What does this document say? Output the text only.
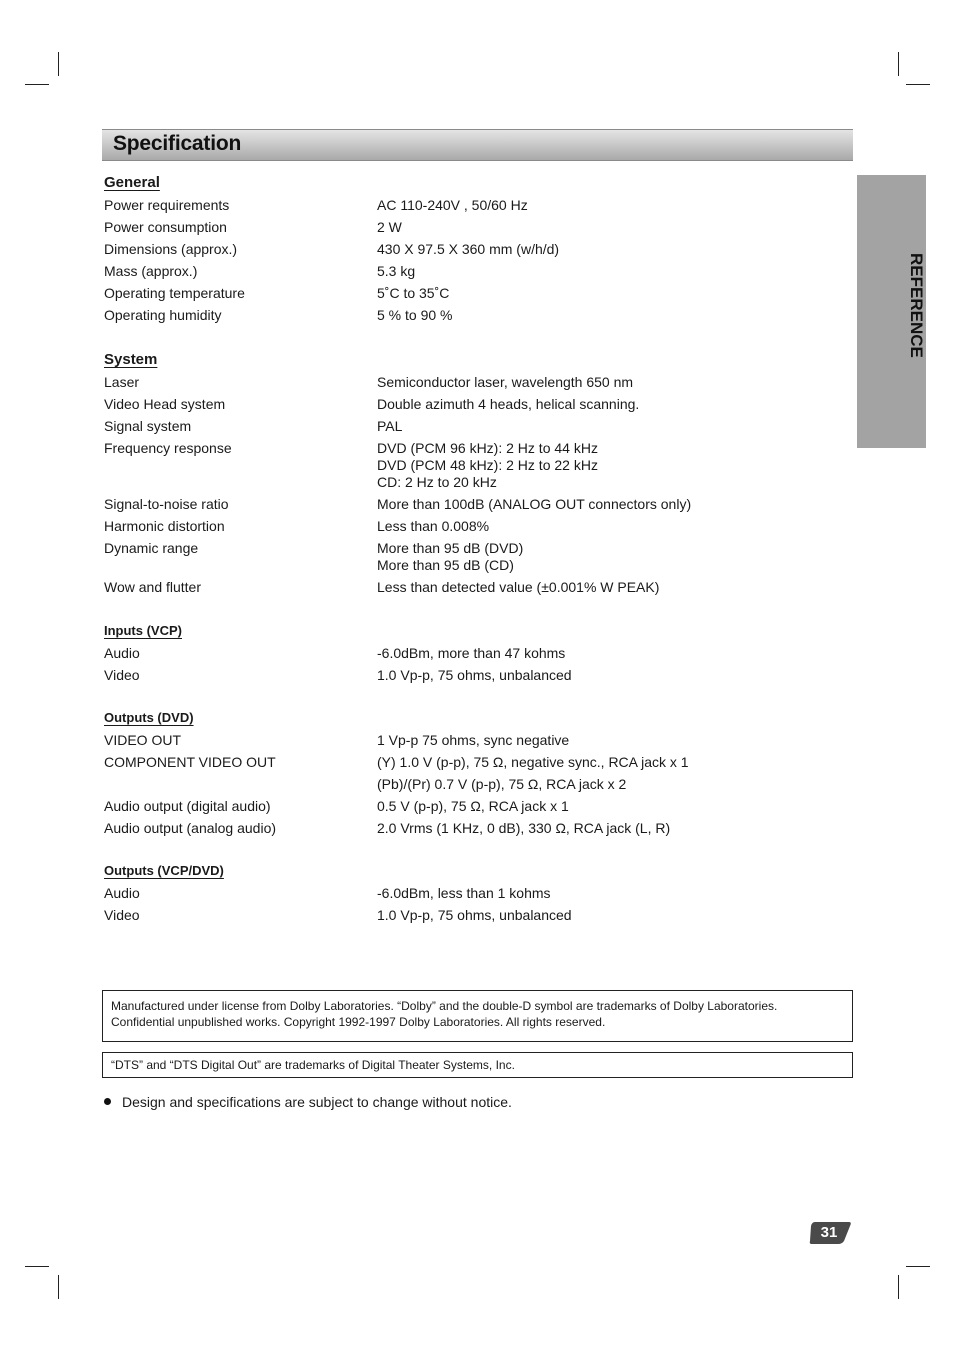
Specification
REFERENCE
General
Power requirements	AC 110-240V , 50/60 Hz
Power consumption	2 W
Dimensions (approx.)	430 X 97.5 X 360 mm (w/h/d)
Mass (approx.)	5.3 kg
Operating temperature	5˚C to 35˚C
Operating humidity	5 % to 90 %
System
Laser	Semiconductor laser, wavelength 650 nm
Video Head system	Double azimuth 4 heads, helical scanning.
Signal system	PAL
Frequency response	DVD (PCM 96 kHz): 2 Hz to 44 kHz
DVD (PCM 48 kHz): 2 Hz to 22 kHz
CD: 2 Hz to 20 kHz
Signal-to-noise ratio	More than 100dB (ANALOG OUT connectors only)
Harmonic distortion	Less than 0.008%
Dynamic range	More than 95 dB (DVD)
More than 95 dB (CD)
Wow and flutter	Less than detected value (±0.001% W PEAK)
Inputs (VCP)
Audio	-6.0dBm, more than 47 kohms
Video	1.0 Vp-p, 75 ohms, unbalanced
Outputs (DVD)
VIDEO OUT	1 Vp-p 75 ohms, sync negative
COMPONENT VIDEO OUT	(Y) 1.0 V (p-p), 75 Ω, negative sync., RCA jack x 1
(Pb)/(Pr) 0.7 V (p-p), 75 Ω, RCA jack x 2
Audio output (digital audio)	0.5 V (p-p), 75 Ω, RCA jack x 1
Audio output (analog audio)	2.0 Vrms (1 KHz, 0 dB), 330 Ω, RCA jack (L, R)
Outputs (VCP/DVD)
Audio	-6.0dBm, less than 1 kohms
Video	1.0 Vp-p, 75 ohms, unbalanced
Manufactured under license from Dolby Laboratories. “Dolby” and the double-D symbol are trademarks of Dolby Laboratories.
Confidential unpublished works. Copyright 1992-1997 Dolby Laboratories. All rights reserved.
“DTS” and “DTS Digital Out” are trademarks of Digital Theater Systems, Inc.
Design and specifications are subject to change without notice.
31
